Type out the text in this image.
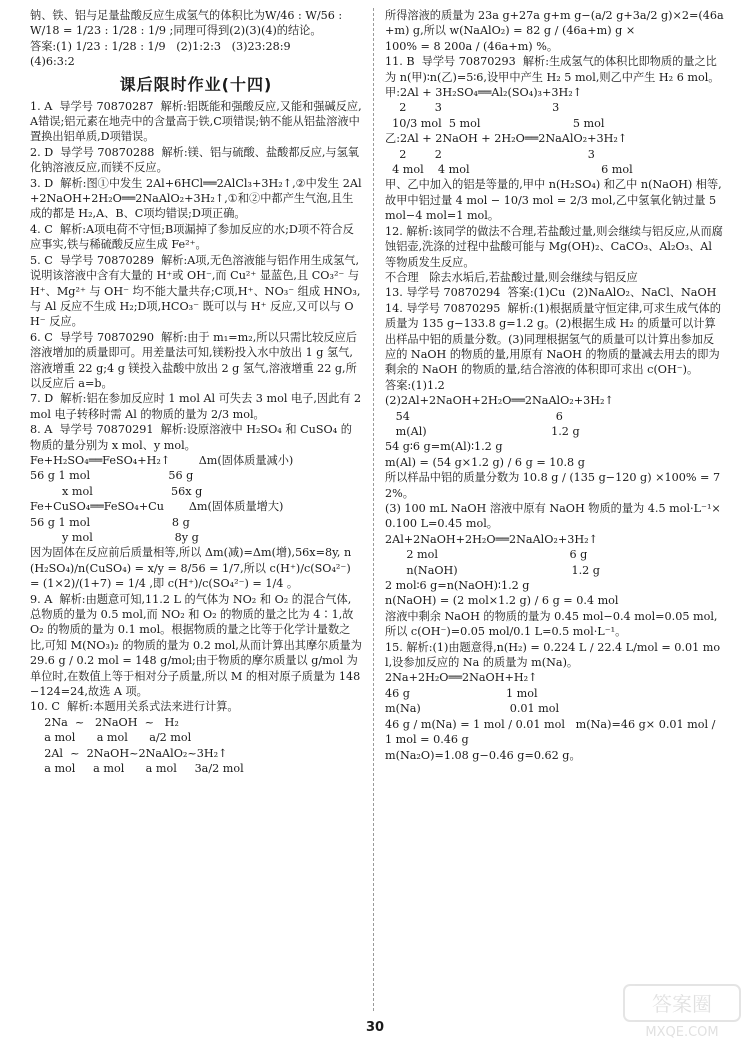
钠、铁、铝与足量盐酸反应生成氢气的体积比为W/46 : W/56 :

W/18 = 1/23 : 1/28 : 1/9 ;同理可得到(2)(3)(4)的结论。

答案:(1) 1/23 : 1/28 : 1/9   (2)1:2:3   (3)23:28:9

(4)6:3:2

课后限时作业(十四)

1. A  导学号 70870287  解析:铝既能和强酸反应,又能和强碱反应,A错误;铝元素在地壳中的含量高于铁,C项错误;钠不能从铝盐溶液中置换出铝单质,D项错误。

2. D  导学号 70870288  解析:镁、铝与硫酸、盐酸都反应,与氢氧化钠溶液反应,而镁不反应。

3. D  解析:图①中发生 2Al+6HCl══2AlCl₃+3H₂↑,②中发生 2Al+2NaOH+2H₂O══2NaAlO₂+3H₂↑,①和②中都产生气泡,且生成的都是 H₂,A、B、C项均错误;D项正确。

4. C  解析:A项电荷不守恒;B项漏掉了参加反应的水;D项不符合反应事实,铁与稀硫酸反应生成 Fe²⁺。

5. C  导学号 70870289  解析:A项,无色溶液能与铝作用生成氢气,说明该溶液中含有大量的 H⁺或 OH⁻,而 Cu²⁺ 显蓝色,且 CO₃²⁻ 与 H⁺、Mg²⁺ 与 OH⁻ 均不能大量共存;C项,H⁺、NO₃⁻ 组成 HNO₃,与 Al 反应不生成 H₂;D项,HCO₃⁻ 既可以与 H⁺ 反应,又可以与 OH⁻ 反应。

6. C  导学号 70870290  解析:由于 m₁=m₂,所以只需比较反应后溶液增加的质量即可。用差量法可知,镁粉投入水中放出 1 g 氢气,溶液增重 22 g;4 g 镁投入盐酸中放出 2 g 氢气,溶液增重 22 g,所以反应后 a=b。

7. D  解析:铝在参加反应时 1 mol Al 可失去 3 mol 电子,因此有 2 mol 电子转移时需 Al 的物质的量为 2/3 mol。

8. A  导学号 70870291  解析:设原溶液中 H₂SO₄ 和 CuSO₄ 的物质的量分别为 x mol、y mol。

Fe+H₂SO₄══FeSO₄+H₂↑        Δm(固体质量减小)

56 g 1 mol                      56 g

x mol                      56x g

Fe+CuSO₄══FeSO₄+Cu       Δm(固体质量增大)

56 g 1 mol                       8 g

y mol                       8y g

因为固体在反应前后质量相等,所以 Δm(减)=Δm(增),56x=8y, n(H₂SO₄)/n(CuSO₄) = x/y = 8/56 = 1/7,所以 c(H⁺)/c(SO₄²⁻) = (1×2)/(1+7) = 1/4 ,即 c(H⁺)/c(SO₄²⁻) = 1/4 。

9. A  解析:由题意可知,11.2 L 的气体为 NO₂ 和 O₂ 的混合气体,总物质的量为 0.5 mol,而 NO₂ 和 O₂ 的物质的量之比为 4∶1,故 O₂ 的物质的量为 0.1 mol。根据物质的量之比等于化学计量数之比,可知 M(NO₃)₂ 的物质的量为 0.2 mol,从而计算出其摩尔质量为 29.6 g / 0.2 mol = 148 g/mol;由于物质的摩尔质量以 g/mol 为单位时,在数值上等于相对分子质量,所以 M 的相对原子质量为 148−124=24,故选 A 项。

10. C  解析:本题用关系式法来进行计算。

2Na  ~   2NaOH  ~   H₂

a mol      a mol      a/2 mol

2Al  ~  2NaOH~2NaAlO₂~3H₂↑

a mol     a mol      a mol     3a/2 mol

所得溶液的质量为 23a g+27a g+m g−(a/2 g+3a/2 g)×2=(46a+m) g,所以 w(NaAlO₂) = 82 g / (46a+m) g ×

100% = 8 200a / (46a+m) %。

11. B  导学号 70870293  解析:生成氢气的体积比即物质的量之比为 n(甲)∶n(乙)=5∶6,设甲中产生 H₂ 5 mol,则乙中产生 H₂ 6 mol。

甲:2Al + 3H₂SO₄══Al₂(SO₄)₃+3H₂↑

2        3                               3

10/3 mol  5 mol                          5 mol

乙:2Al + 2NaOH + 2H₂O══2NaAlO₂+3H₂↑

2        2                                         3

4 mol    4 mol                                     6 mol

甲、乙中加入的铝是等量的,甲中 n(H₂SO₄) 和乙中 n(NaOH) 相等,故甲中铝过量 4 mol − 10/3 mol = 2/3 mol,乙中氢氧化钠过量 5 mol−4 mol=1 mol。

12. 解析:该同学的做法不合理,若盐酸过量,则会继续与铝反应,从而腐蚀铝壶,洗涤的过程中盐酸可能与 Mg(OH)₂、CaCO₃、Al₂O₃、Al 等物质发生反应。

不合理   除去水垢后,若盐酸过量,则会继续与铝反应

13. 导学号 70870294  答案:(1)Cu  (2)NaAlO₂、NaCl、NaOH

14. 导学号 70870295  解析:(1)根据质量守恒定律,可求生成气体的质量为 135 g−133.8 g=1.2 g。(2)根据生成 H₂ 的质量可以计算出样品中铝的质量分数。(3)同理根据氢气的质量可以计算出参加反应的 NaOH 的物质的量,用原有 NaOH 的物质的量减去用去的即为剩余的 NaOH 的物质的量,结合溶液的体积即可求出 c(OH⁻)。

答案:(1)1.2

(2)2Al+2NaOH+2H₂O══2NaAlO₂+3H₂↑

54                                         6

m(Al)                                   1.2 g

54 g∶6 g=m(Al)∶1.2 g

m(Al) = (54 g×1.2 g) / 6 g = 10.8 g

所以样品中铝的质量分数为 10.8 g / (135 g−120 g) ×100% = 72%。

(3) 100 mL NaOH 溶液中原有 NaOH 物质的量为 4.5 mol·L⁻¹×0.100 L=0.45 mol。

2Al+2NaOH+2H₂O══2NaAlO₂+3H₂↑

2 mol                                     6 g

n(NaOH)                                1.2 g

2 mol∶6 g=n(NaOH)∶1.2 g

n(NaOH) = (2 mol×1.2 g) / 6 g = 0.4 mol

溶液中剩余 NaOH 的物质的量为 0.45 mol−0.4 mol=0.05 mol,所以 c(OH⁻)=0.05 mol/0.1 L=0.5 mol·L⁻¹。

15. 解析:(1)由题意得,n(H₂) = 0.224 L / 22.4 L/mol = 0.01 mol,设参加反应的 Na 的质量为 m(Na)。

2Na+2H₂O══2NaOH+H₂↑

46 g                           1 mol

m(Na)                         0.01 mol

46 g / m(Na) = 1 mol / 0.01 mol   m(Na)=46 g× 0.01 mol / 1 mol = 0.46 g

m(Na₂O)=1.08 g−0.46 g=0.62 g。

30
答案圈
MXQE.COM
